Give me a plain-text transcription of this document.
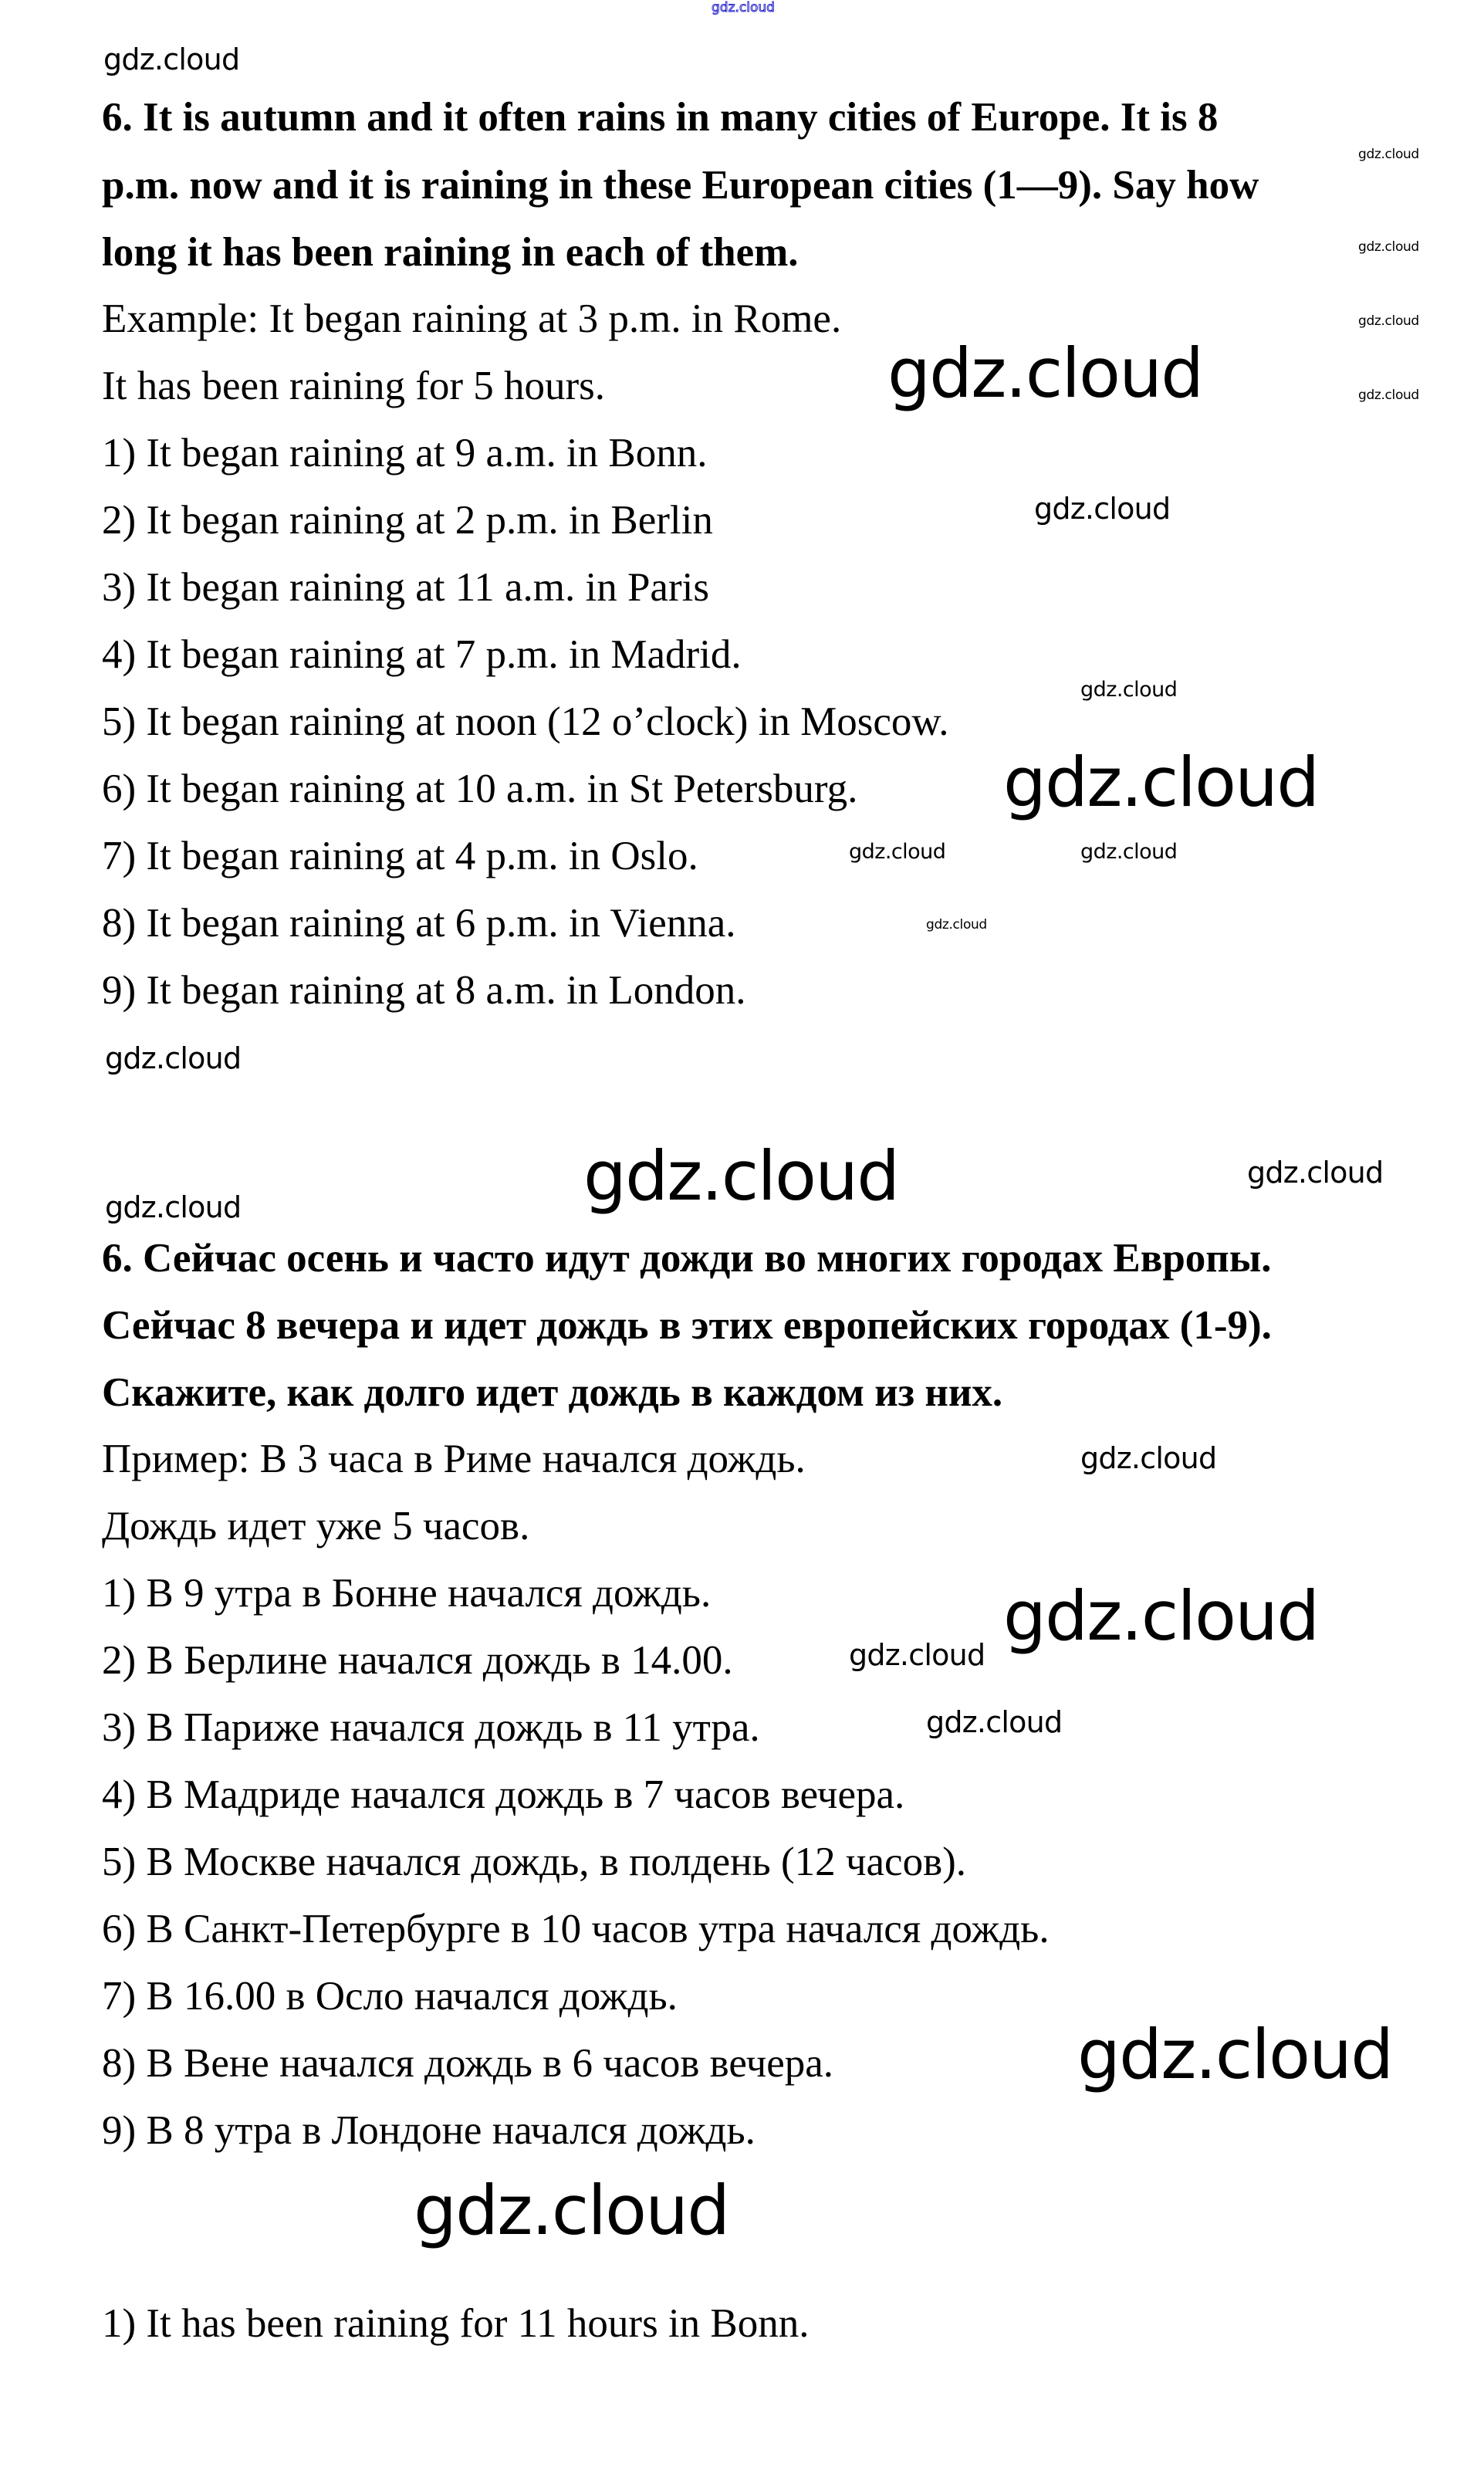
gdz.cloud
6. It is autumn and it often rains in many cities of Europe. It is 8
p.m. now and it is raining in these European cities (1—9). Say how
long it has been raining in each of them.
Example: It began raining at 3 p.m. in Rome.
It has been raining for 5 hours.
1) It began raining at 9 a.m. in Bonn.
2) It began raining at 2 p.m. in Berlin
3) It began raining at 11 a.m. in Paris
4) It began raining at 7 p.m. in Madrid.
5) It began raining at noon (12 o’clock) in Moscow.
6) It began raining at 10 a.m. in St Petersburg.
7) It began raining at 4 p.m. in Oslo.
8) It began raining at 6 p.m. in Vienna.
9) It began raining at 8 a.m. in London.
6. Сейчас осень и часто идут дожди во многих городах Европы.
Сейчас 8 вечера и идет дождь в этих европейских городах (1-9).
Скажите, как долго идет дождь в каждом из них.
Пример: В 3 часа в Риме начался дождь.
Дождь идет уже 5 часов.
1) В 9 утра в Бонне начался дождь.
2) В Берлине начался дождь в 14.00.
3) В Париже начался дождь в 11 утра.
4) В Мадриде начался дождь в 7 часов вечера.
5) В Москве начался дождь, в полдень (12 часов).
6) В Санкт-Петербурге в 10 часов утра начался дождь.
7) В 16.00 в Осло начался дождь.
8) В Вене начался дождь в 6 часов вечера.
9) В 8 утра в Лондоне начался дождь.
1) It has been raining for 11 hours in Bonn.
gdz.cloud
gdz.cloud
gdz.cloud
gdz.cloud
gdz.cloud
gdz.cloud
gdz.cloud
gdz.cloud
gdz.cloud
gdz.cloud	gdz.cloud
gdz.cloud
gdz.cloud
gdz.cloud
gdz.cloud
gdz.cloud
gdz.cloud
gdz.cloud gdz.cloud
gdz.cloud
gdz.cloud
gdz.cloud
